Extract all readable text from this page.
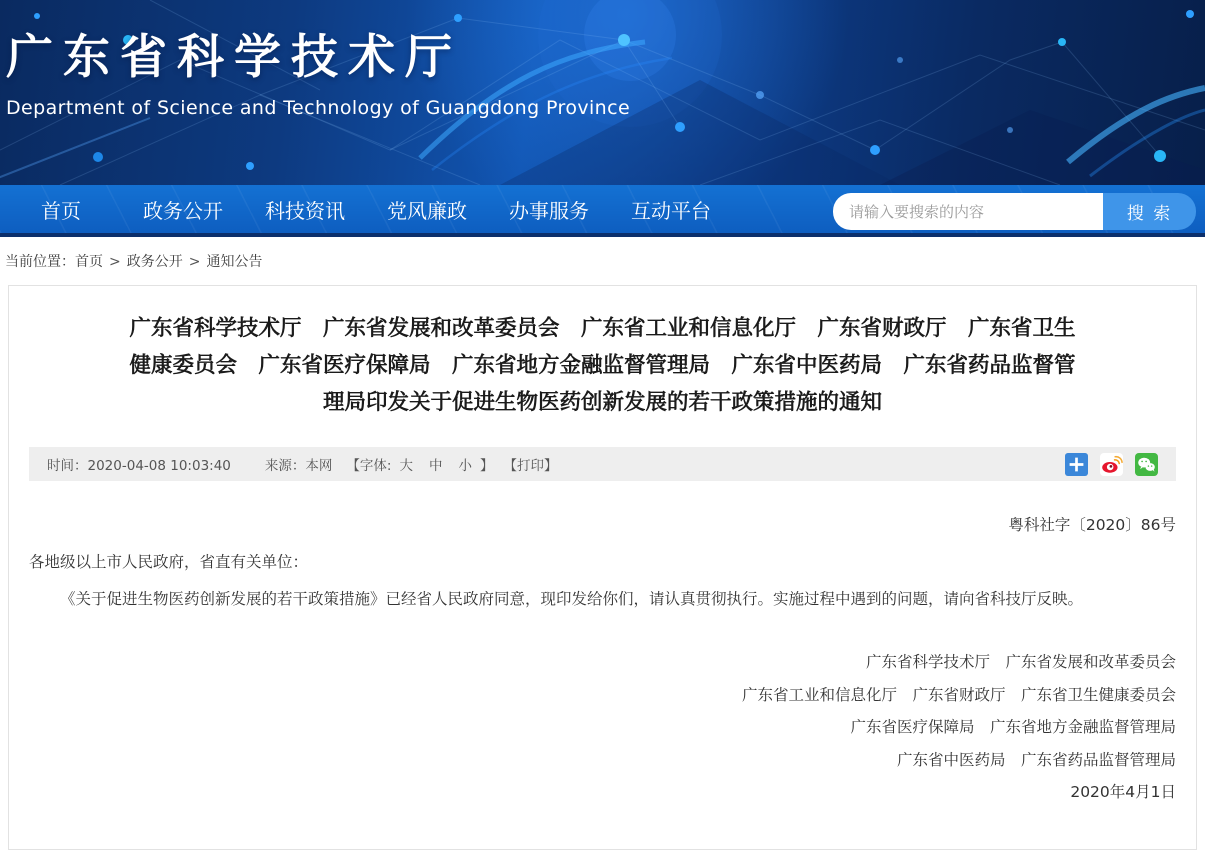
广东省科学技术厅
Department of Science and Technology of Guangdong Province
首页	政务公开	科技资讯	党风廉政	办事服务	互动平台
请输入要搜索的内容	搜 索
当前位置：首页 > 政务公开 > 通知公告
广东省科学技术厅　广东省发展和改革委员会　广东省工业和信息化厅　广东省财政厅　广东省卫生
健康委员会　广东省医疗保障局　广东省地方金融监督管理局　广东省中医药局　广东省药品监督管
理局印发关于促进生物医药创新发展的若干政策措施的通知
时间：2020-04-08 10:03:40	来源：本网 【字体: 大 中 小 】 【打印】
粤科社字〔2020〕86号
各地级以上市人民政府，省直有关单位：
《关于促进生物医药创新发展的若干政策措施》已经省人民政府同意，现印发给你们，请认真贯彻执行。实施过程中遇到的问题，请向省科技厅反映。
广东省科学技术厅　广东省发展和改革委员会
广东省工业和信息化厅　广东省财政厅　广东省卫生健康委员会
广东省医疗保障局　广东省地方金融监督管理局
广东省中医药局　广东省药品监督管理局
2020年4月1日
